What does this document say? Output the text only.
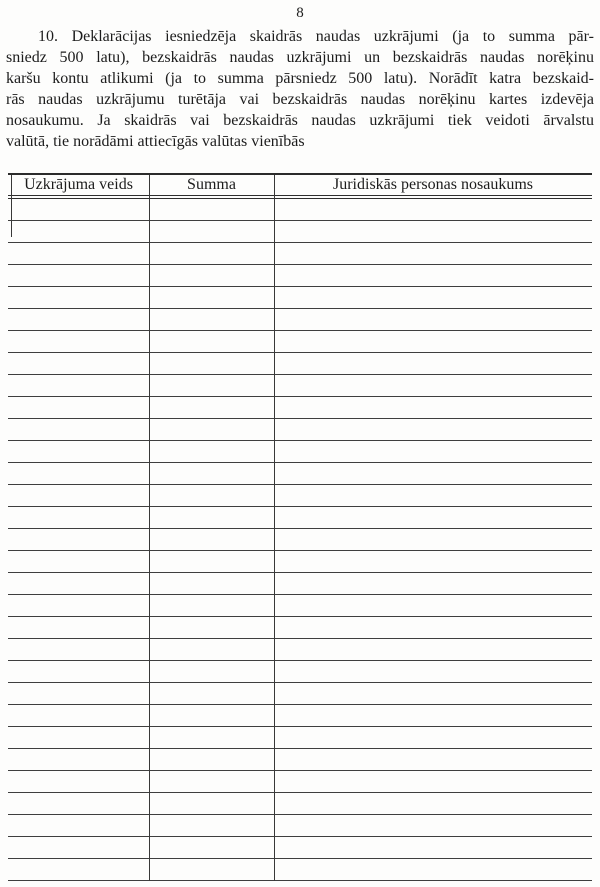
8
10. Deklarācijas iesniedzēja skaidrās naudas uzkrājumi (ja to summa pār-
sniedz 500 latu), bezskaidrās naudas uzkrājumi un bezskaidrās naudas norēķinu
karšu kontu atlikumi (ja to summa pārsniedz 500 latu). Norādīt katra bezskaid-
rās naudas uzkrājumu turētāja vai bezskaidrās naudas norēķinu kartes izdevēja
nosaukumu. Ja skaidrās vai bezskaidrās naudas uzkrājumi tiek veidoti ārvalstu
valūtā, tie norādāmi attiecīgās valūtas vienībās
Uzkrājuma veids	Summa	Juridiskās personas nosaukums
